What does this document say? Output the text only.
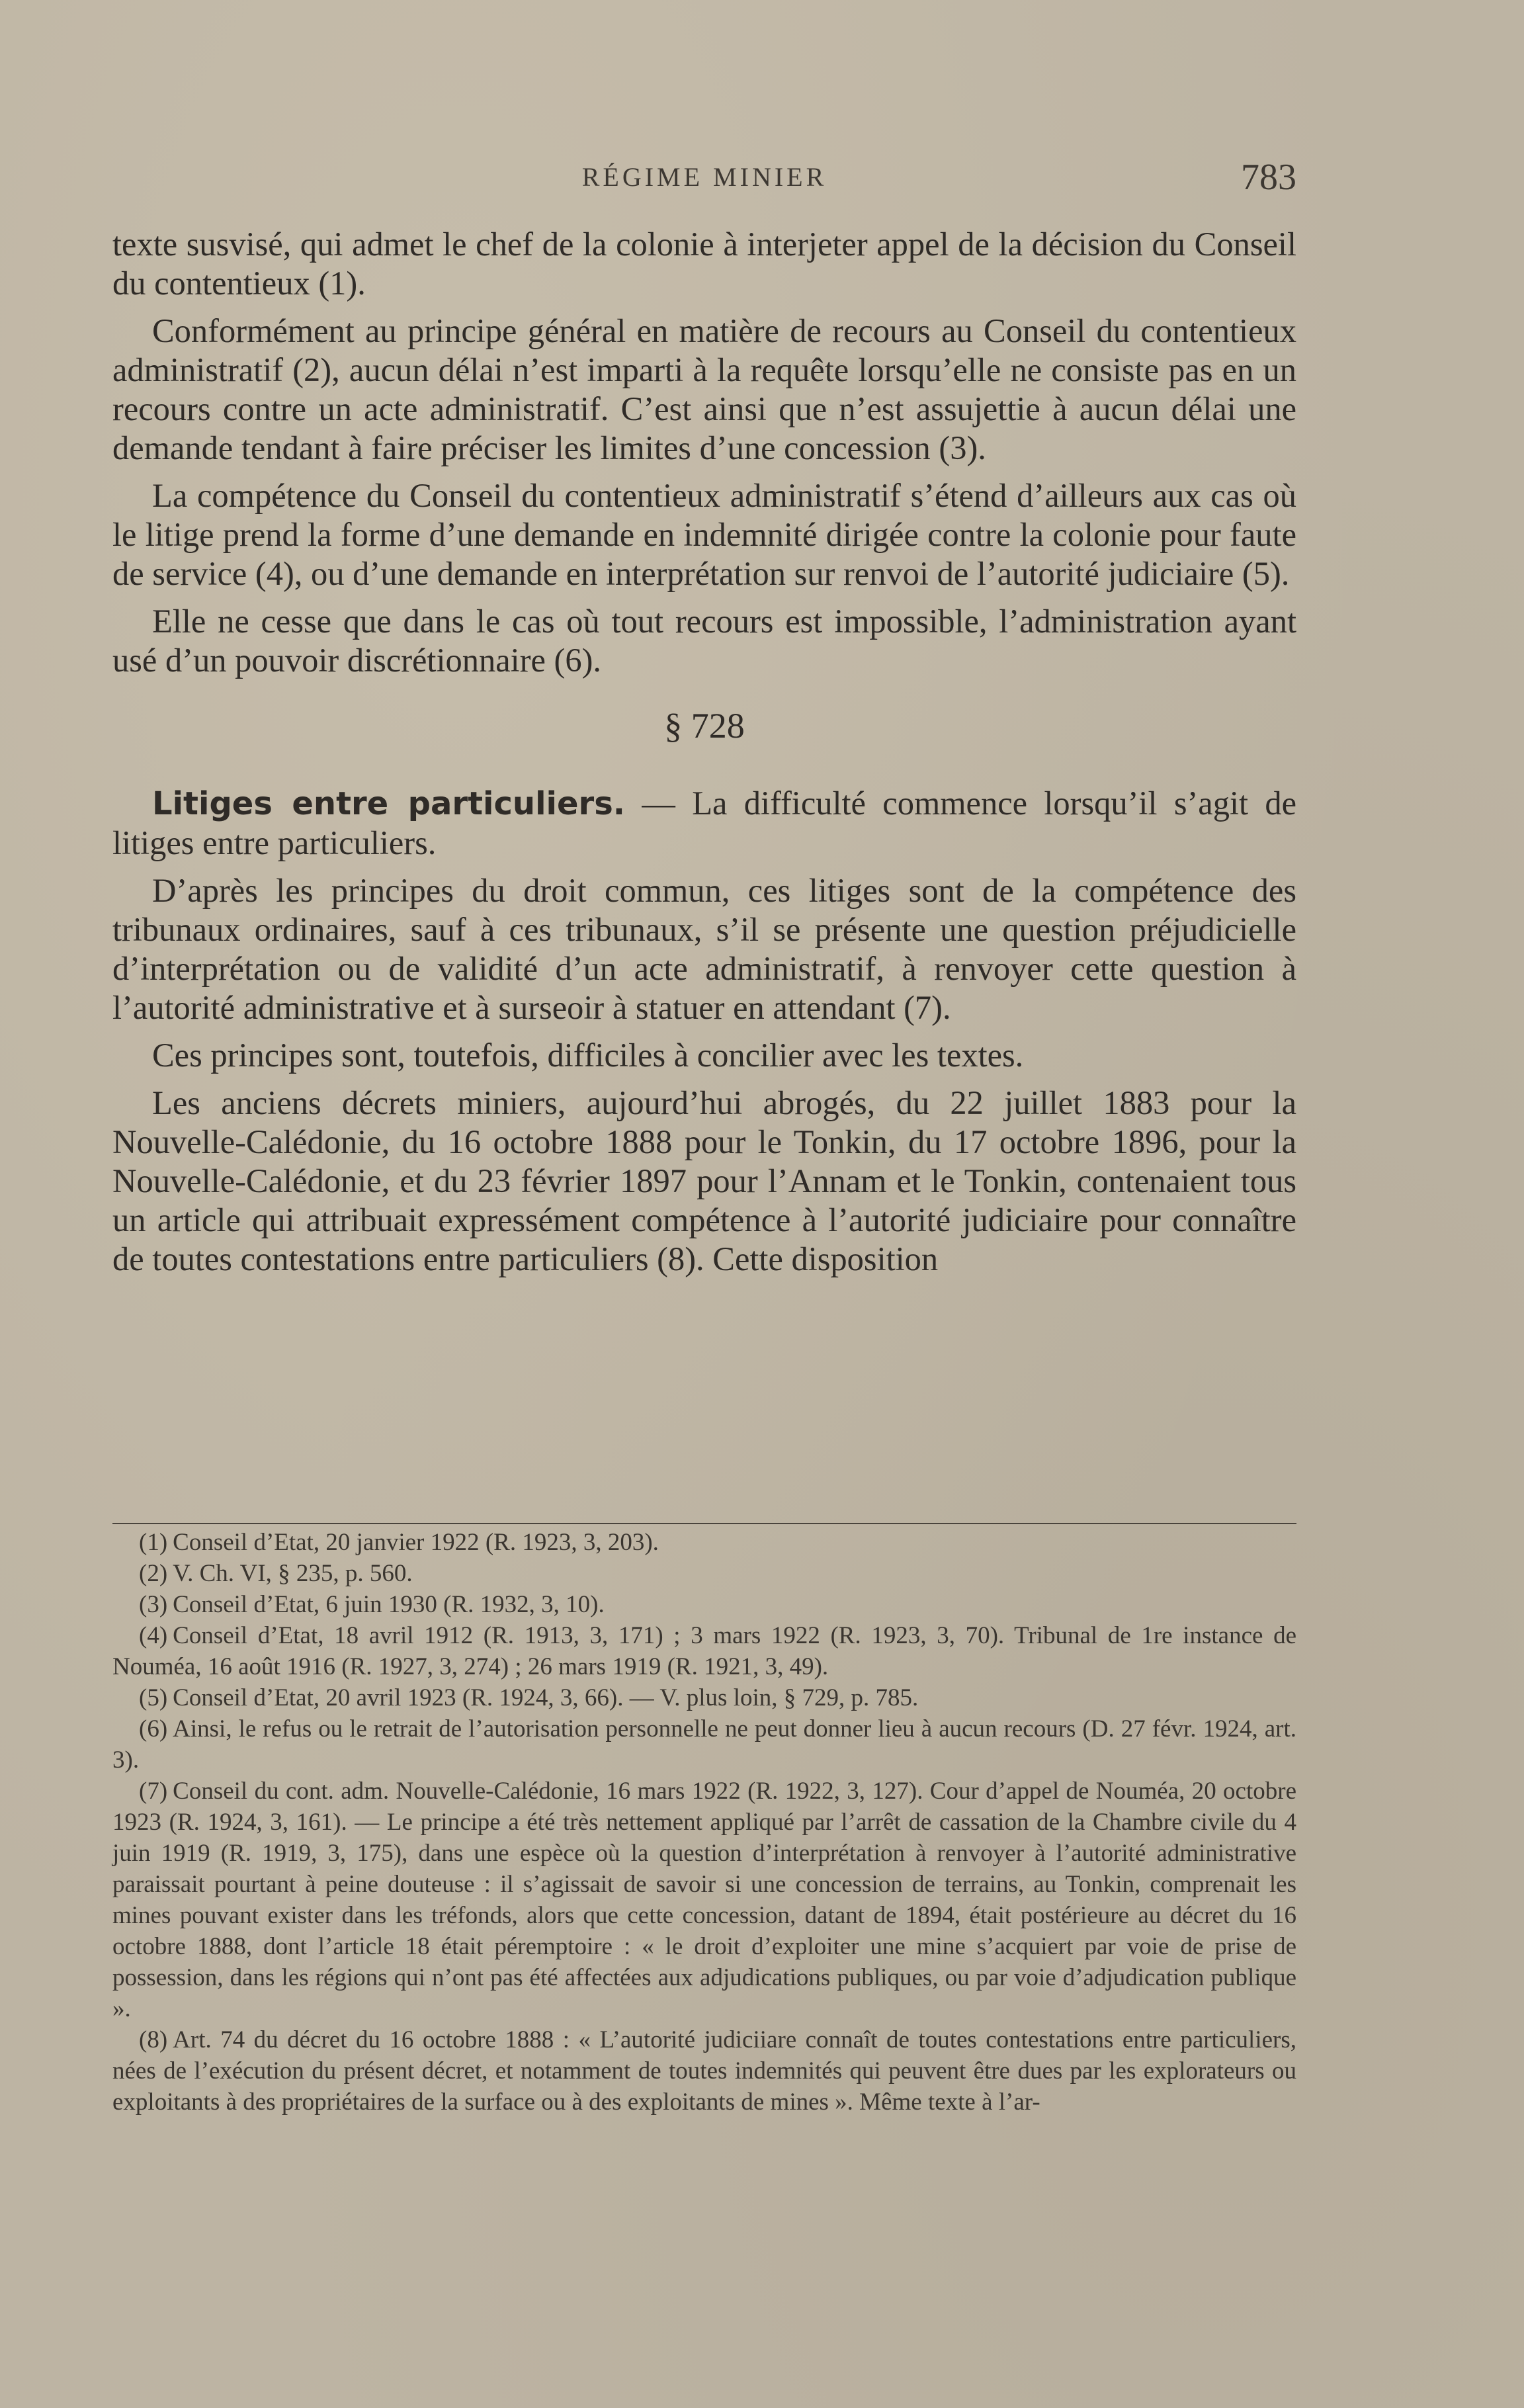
RÉGIME MINIER	783

texte susvisé, qui admet le chef de la colonie à interjeter appel de la décision du Conseil du contentieux (1).

Conformément au principe général en matière de recours au Conseil du contentieux administratif (2), aucun délai n’est imparti à la requête lorsqu’elle ne consiste pas en un recours contre un acte administratif. C’est ainsi que n’est assujettie à aucun délai une demande tendant à faire préciser les limites d’une concession (3).

La compétence du Conseil du contentieux administratif s’étend d’ailleurs aux cas où le litige prend la forme d’une demande en indemnité dirigée contre la colonie pour faute de service (4), ou d’une demande en interprétation sur renvoi de l’autorité judiciaire (5).

Elle ne cesse que dans le cas où tout recours est impossible, l’administration ayant usé d’un pouvoir discrétionnaire (6).

§ 728

Litiges entre particuliers. — La difficulté commence lorsqu’il s’agit de litiges entre particuliers.

D’après les principes du droit commun, ces litiges sont de la compétence des tribunaux ordinaires, sauf à ces tribunaux, s’il se présente une question préjudicielle d’interprétation ou de validité d’un acte administratif, à renvoyer cette question à l’autorité administrative et à surseoir à statuer en attendant (7).

Ces principes sont, toutefois, difficiles à concilier avec les textes.

Les anciens décrets miniers, aujourd’hui abrogés, du 22 juillet 1883 pour la Nouvelle-Calédonie, du 16 octobre 1888 pour le Tonkin, du 17 octobre 1896, pour la Nouvelle-Calédonie, et du 23 février 1897 pour l’Annam et le Tonkin, contenaient tous un article qui attribuait expressément compétence à l’autorité judiciaire pour connaître de toutes contestations entre particuliers (8). Cette disposition

(1) Conseil d’Etat, 20 janvier 1922 (R. 1923, 3, 203).

(2) V. Ch. VI, § 235, p. 560.

(3) Conseil d’Etat, 6 juin 1930 (R. 1932, 3, 10).

(4) Conseil d’Etat, 18 avril 1912 (R. 1913, 3, 171) ; 3 mars 1922 (R. 1923, 3, 70). Tribunal de 1re instance de Nouméa, 16 août 1916 (R. 1927, 3, 274) ; 26 mars 1919 (R. 1921, 3, 49).

(5) Conseil d’Etat, 20 avril 1923 (R. 1924, 3, 66). — V. plus loin, § 729, p. 785.

(6) Ainsi, le refus ou le retrait de l’autorisation personnelle ne peut donner lieu à aucun recours (D. 27 févr. 1924, art. 3).

(7) Conseil du cont. adm. Nouvelle-Calédonie, 16 mars 1922 (R. 1922, 3, 127). Cour d’appel de Nouméa, 20 octobre 1923 (R. 1924, 3, 161). — Le principe a été très nettement appliqué par l’arrêt de cassation de la Chambre civile du 4 juin 1919 (R. 1919, 3, 175), dans une espèce où la question d’interprétation à renvoyer à l’autorité administrative paraissait pourtant à peine douteuse : il s’agissait de savoir si une concession de terrains, au Tonkin, comprenait les mines pouvant exister dans les tréfonds, alors que cette concession, datant de 1894, était postérieure au décret du 16 octobre 1888, dont l’article 18 était péremptoire : « le droit d’exploiter une mine s’acquiert par voie de prise de possession, dans les régions qui n’ont pas été affectées aux adjudications publiques, ou par voie d’adjudication publique ».

(8) Art. 74 du décret du 16 octobre 1888 : « L’autorité judiciiare connaît de toutes contestations entre particuliers, nées de l’exécution du présent décret, et notamment de toutes indemnités qui peuvent être dues par les explorateurs ou exploitants à des propriétaires de la surface ou à des exploitants de mines ». Même texte à l’ar-
